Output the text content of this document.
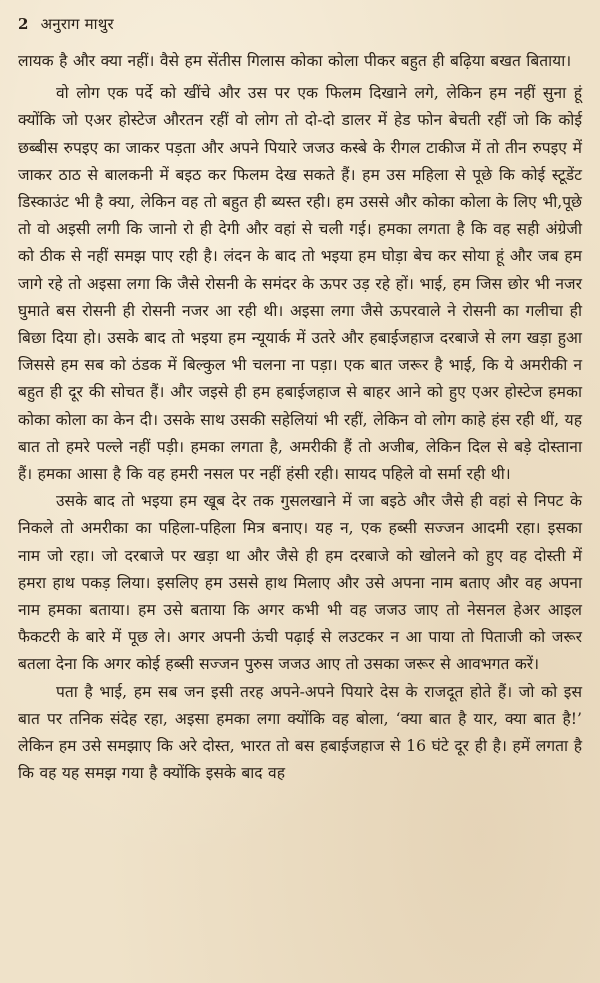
2 अनुराग माथुर

लायक है और क्या नहीं। वैसे हम सेंतीस गिलास कोका कोला पीकर बहुत ही बढ़िया बखत बिताया।

वो लोग एक पर्दे को खींचे और उस पर एक फिलम दिखाने लगे, लेकिन हम नहीं सुना हूं क्योंकि जो एअर होस्टेज औरतन रहीं वो लोग तो दो-दो डालर में हेड फोन बेचती रहीं जो कि कोई छब्बीस रुपइए का जाकर पड़ता और अपने पियारे जजउ कस्बे के रीगल टाकीज में तो तीन रुपइए में जाकर ठाठ से बालकनी में बइठ कर फिलम देख सकते हैं। हम उस महिला से पूछे कि कोई स्टूडेंट डिस्काउंट भी है क्या, लेकिन वह तो बहुत ही ब्यस्त रही। हम उससे और कोका कोला के लिए भी,पूछे तो वो अइसी लगी कि जानो रो ही देगी और वहां से चली गई। हमका लगता है कि वह सही अंग्रेजी को ठीक से नहीं समझ पाए रही है। लंदन के बाद तो भइया हम घोड़ा बेच कर सोया हूं और जब हम जागे रहे तो अइसा लगा कि जैसे रोसनी के समंदर के ऊपर उड़ रहे हों। भाई, हम जिस छोर भी नजर घुमाते बस रोसनी ही रोसनी नजर आ रही थी। अइसा लगा जैसे ऊपरवाले ने रोसनी का गलीचा ही बिछा दिया हो। उसके बाद तो भइया हम न्यूयार्क में उतरे और हबाईजहाज दरबाजे से लग खड़ा हुआ जिससे हम सब को ठंडक में बिल्कुल भी चलना ना पड़ा। एक बात जरूर है भाई, कि ये अमरीकी न बहुत ही दूर की सोचत हैं। और जइसे ही हम हबाईजहाज से बाहर आने को हुए एअर होस्टेज हमका कोका कोला का केन दी। उसके साथ उसकी सहेलियां भी रहीं, लेकिन वो लोग काहे हंस रही थीं, यह बात तो हमरे पल्ले नहीं पड़ी। हमका लगता है, अमरीकी हैं तो अजीब, लेकिन दिल से बड़े दोस्ताना हैं। हमका आसा है कि वह हमरी नसल पर नहीं हंसी रही। सायद पहिले वो सर्मा रही थी।

उसके बाद तो भइया हम खूब देर तक गुसलखाने में जा बइठे और जैसे ही वहां से निपट के निकले तो अमरीका का पहिला-पहिला मित्र बनाए। यह न, एक हब्सी सज्जन आदमी रहा। इसका नाम जो रहा। जो दरबाजे पर खड़ा था और जैसे ही हम दरबाजे को खोलने को हुए वह दोस्ती में हमरा हाथ पकड़ लिया। इसलिए हम उससे हाथ मिलाए और उसे अपना नाम बताए और वह अपना नाम हमका बताया। हम उसे बताया कि अगर कभी भी वह जजउ जाए तो नेसनल हेअर आइल फैकटरी के बारे में पूछ ले। अगर अपनी ऊंची पढ़ाई से लउटकर न आ पाया तो पिताजी को जरूर बतला देना कि अगर कोई हब्सी सज्जन पुरुस जजउ आए तो उसका जरूर से आवभगत करें।

पता है भाई, हम सब जन इसी तरह अपने-अपने पियारे देस के राजदूत होते हैं। जो को इस बात पर तनिक संदेह रहा, अइसा हमका लगा क्योंकि वह बोला, ‘क्या बात है यार, क्या बात है!’ लेकिन हम उसे समझाए कि अरे दोस्त, भारत तो बस हबाईजहाज से 16 घंटे दूर ही है। हमें लगता है कि वह यह समझ गया है क्योंकि इसके बाद वह
